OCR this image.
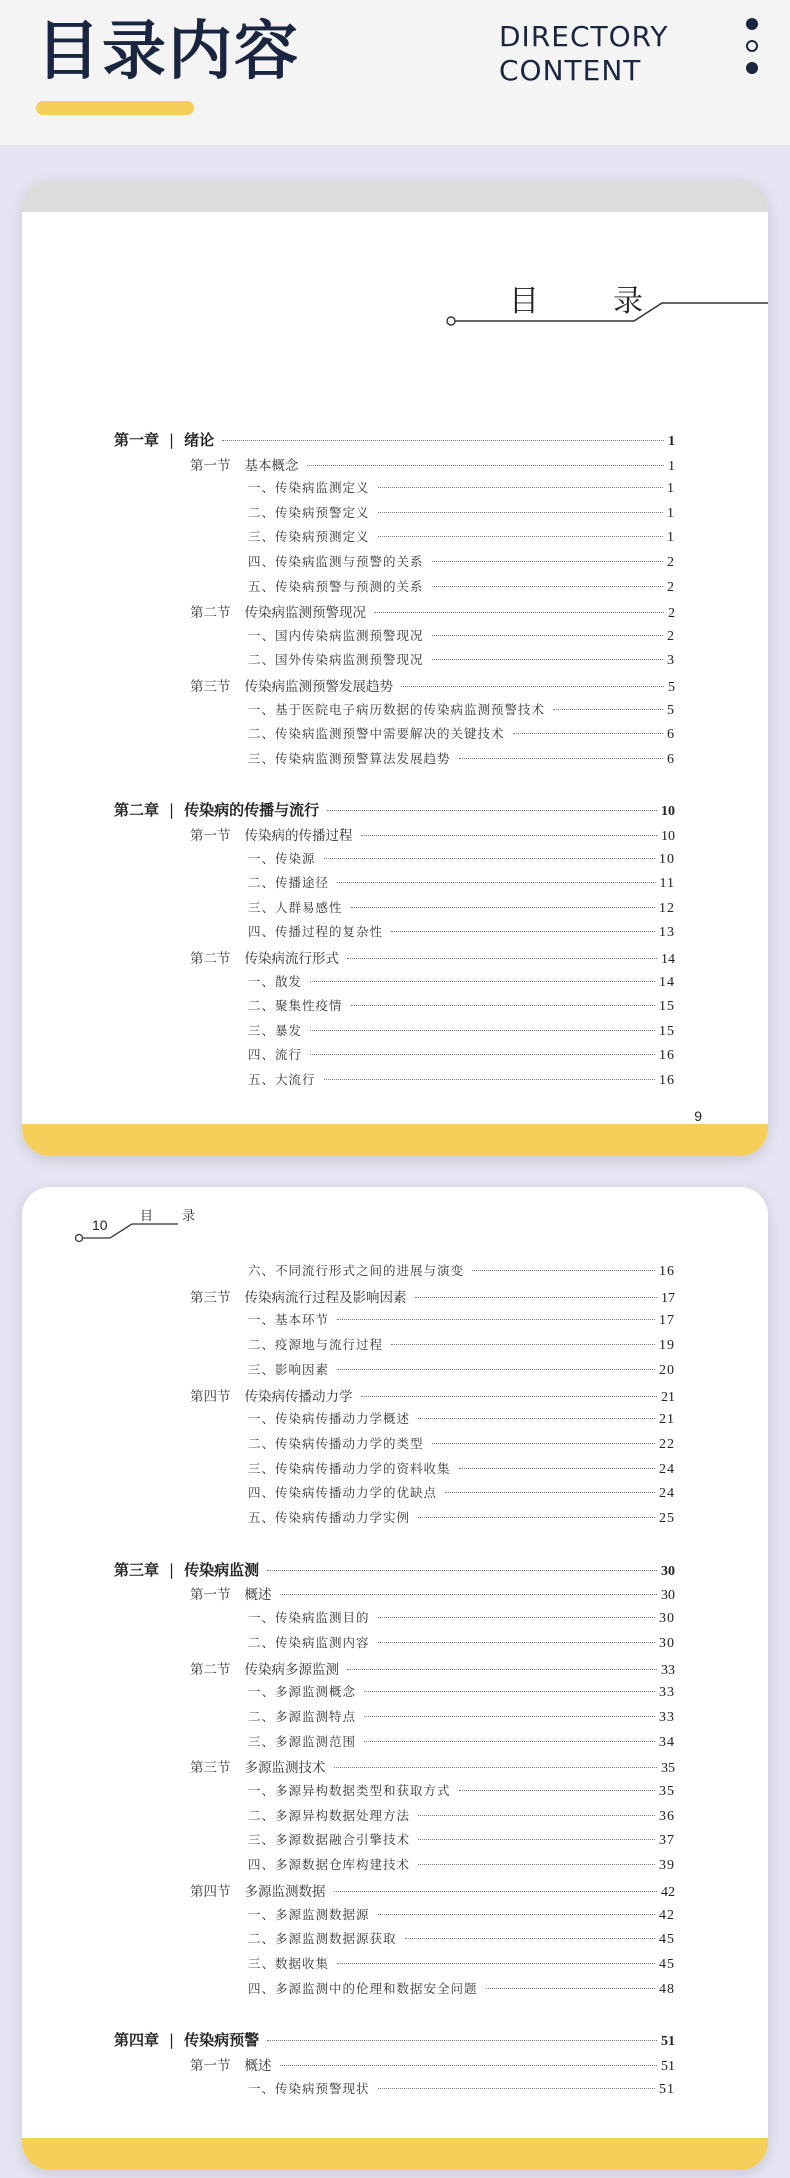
目录内容	DIRECTORY
CONTENT
目　录
第一章 | 绪论	1
第一节 基本概念	1
一、传染病监测定义	1
二、传染病预警定义	1
三、传染病预测定义	1
四、传染病监测与预警的关系	2
五、传染病预警与预测的关系	2
第二节 传染病监测预警现况	2
一、国内传染病监测预警现况	2
二、国外传染病监测预警现况	3
第三节 传染病监测预警发展趋势	5
一、基于医院电子病历数据的传染病监测预警技术	5
二、传染病监测预警中需要解决的关键技术	6
三、传染病监测预警算法发展趋势	6
第二章 | 传染病的传播与流行	10
第一节 传染病的传播过程	10
一、传染源	10
二、传播途径	11
三、人群易感性	12
四、传播过程的复杂性	13
第二节 传染病流行形式	14
一、散发	14
二、聚集性疫情	15
三、暴发	15
四、流行	16
五、大流行	16
9
10
目　录
六、不同流行形式之间的进展与演变	16
第三节 传染病流行过程及影响因素	17
一、基本环节	17
二、疫源地与流行过程	19
三、影响因素	20
第四节 传染病传播动力学	21
一、传染病传播动力学概述	21
二、传染病传播动力学的类型	22
三、传染病传播动力学的资料收集	24
四、传染病传播动力学的优缺点	24
五、传染病传播动力学实例	25
第三章 | 传染病监测	30
第一节 概述	30
一、传染病监测目的	30
二、传染病监测内容	30
第二节 传染病多源监测	33
一、多源监测概念	33
二、多源监测特点	33
三、多源监测范围	34
第三节 多源监测技术	35
一、多源异构数据类型和获取方式	35
二、多源异构数据处理方法	36
三、多源数据融合引擎技术	37
四、多源数据仓库构建技术	39
第四节 多源监测数据	42
一、多源监测数据源	42
二、多源监测数据源获取	45
三、数据收集	45
四、多源监测中的伦理和数据安全问题	48
第四章 | 传染病预警	51
第一节 概述	51
一、传染病预警现状	51
